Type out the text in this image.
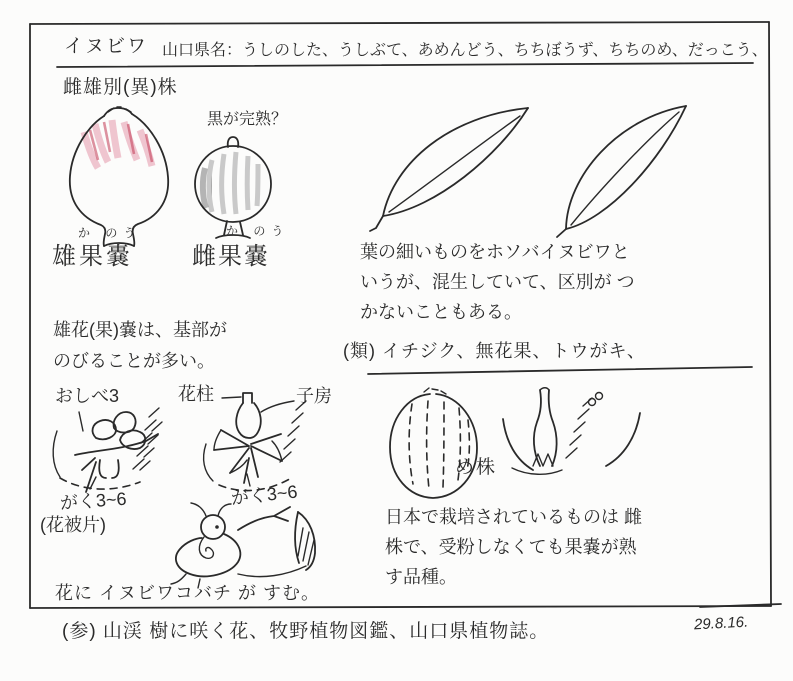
イヌビワ 山口県名：うしのした、うしぶて、あめんどう、ちちぼうず、ちちのめ、だっこう、
雌雄別(異)株
黒が完熟？
か のう
雄果嚢
か のう
雌果嚢
雄花(果)嚢は、基部が
のびることが多い。
おしべ3	花柱	子房
がく3~6	がく3~6
(花被片)
花に イヌビワコバチ が すむ。
葉の細いものをホソバイヌビワと
いうが、混生していて、区別が つ
かないこともある。
(類) イチジク、無花果、トウがキ、
め株
日本で栽培されているものは 雌
株で、受粉しなくても果嚢が熟
す品種。
(参) 山渓 樹に咲く花、牧野植物図鑑、山口県植物誌。	29.8.16.
